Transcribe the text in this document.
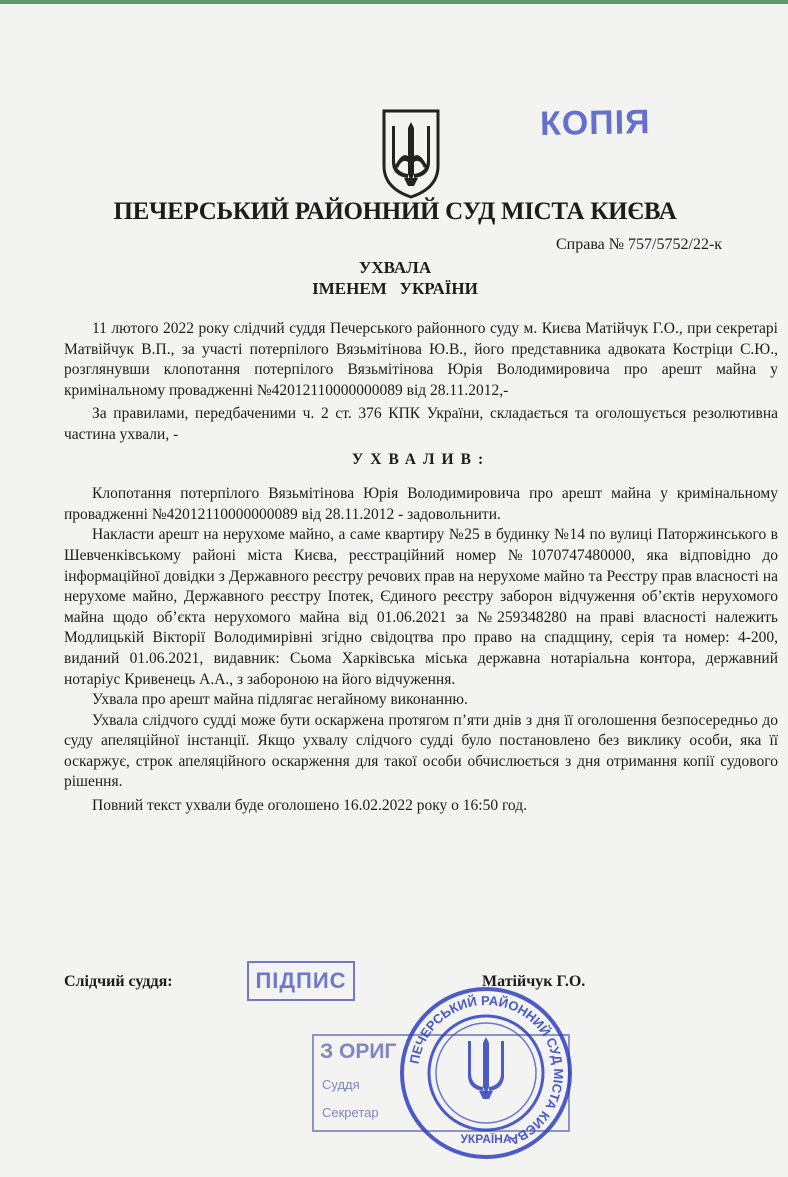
КОПІЯ
ПЕЧЕРСЬКИЙ РАЙОННИЙ СУД МІСТА КИЄВА
Справа № 757/5752/22-к
УХВАЛА
ІМЕНЕМ   УКРАЇНИ

11 лютого 2022 року слідчий суддя Печерського районного суду м. Києва Матійчук Г.О., при секретарі Матвійчук В.П., за участі потерпілого Вязьмітінова Ю.В., його представника адвоката Костріци С.Ю., розглянувши клопотання потерпілого Вязьмітінова Юрія Володимировича про арешт майна у кримінальному провадженні №42012110000000089 від 28.11.2012,-

За правилами, передбаченими ч. 2 ст. 376 КПК України, складається та оголошується резолютивна частина ухвали, -

УХВАЛИВ:

Клопотання потерпілого Вязьмітінова Юрія Володимировича про арешт майна у кримінальному провадженні №42012110000000089 від 28.11.2012 - задовольнити.

Накласти арешт на нерухоме майно, а саме квартиру №25 в будинку №14 по вулиці Паторжинського в Шевченківському районі міста Києва, реєстраційний номер №1070747480000, яка відповідно до інформаційної довідки з Державного реєстру речових прав на нерухоме майно та Реєстру прав власності на нерухоме майно, Державного реєстру Іпотек, Єдиного реєстру заборон відчуження об’єктів нерухомого майна щодо об’єкта нерухомого майна від 01.06.2021 за №259348280 на праві власності належить Модлицькій Вікторії Володимирівні згідно свідоцтва про право на спадщину, серія та номер: 4-200, виданий 01.06.2021, видавник: Сьома Харківська міська державна нотаріальна контора, державний нотаріус Кривенець А.А., з забороною на його відчуження.

Ухвала про арешт майна підлягає негайному виконанню.

Ухвала слідчого судді може бути оскаржена протягом п’яти днів з дня її оголошення безпосередньо до суду апеляційної інстанції. Якщо ухвалу слідчого судді було постановлено без виклику особи, яка її оскаржує, строк апеляційного оскарження для такої особи обчислюється з дня отримання копії судового рішення.

Повний текст ухвали буде оголошено 16.02.2022 року о 16:50 год.

Слідчий суддя:	ПІДПИС	Матійчук Г.О.
З ОРИГ
Суддя
Секретар
ПЕЧЕРСЬКИЙ РАЙОННИЙ СУД МІСТА КИЄВА
УКРАЇНА
